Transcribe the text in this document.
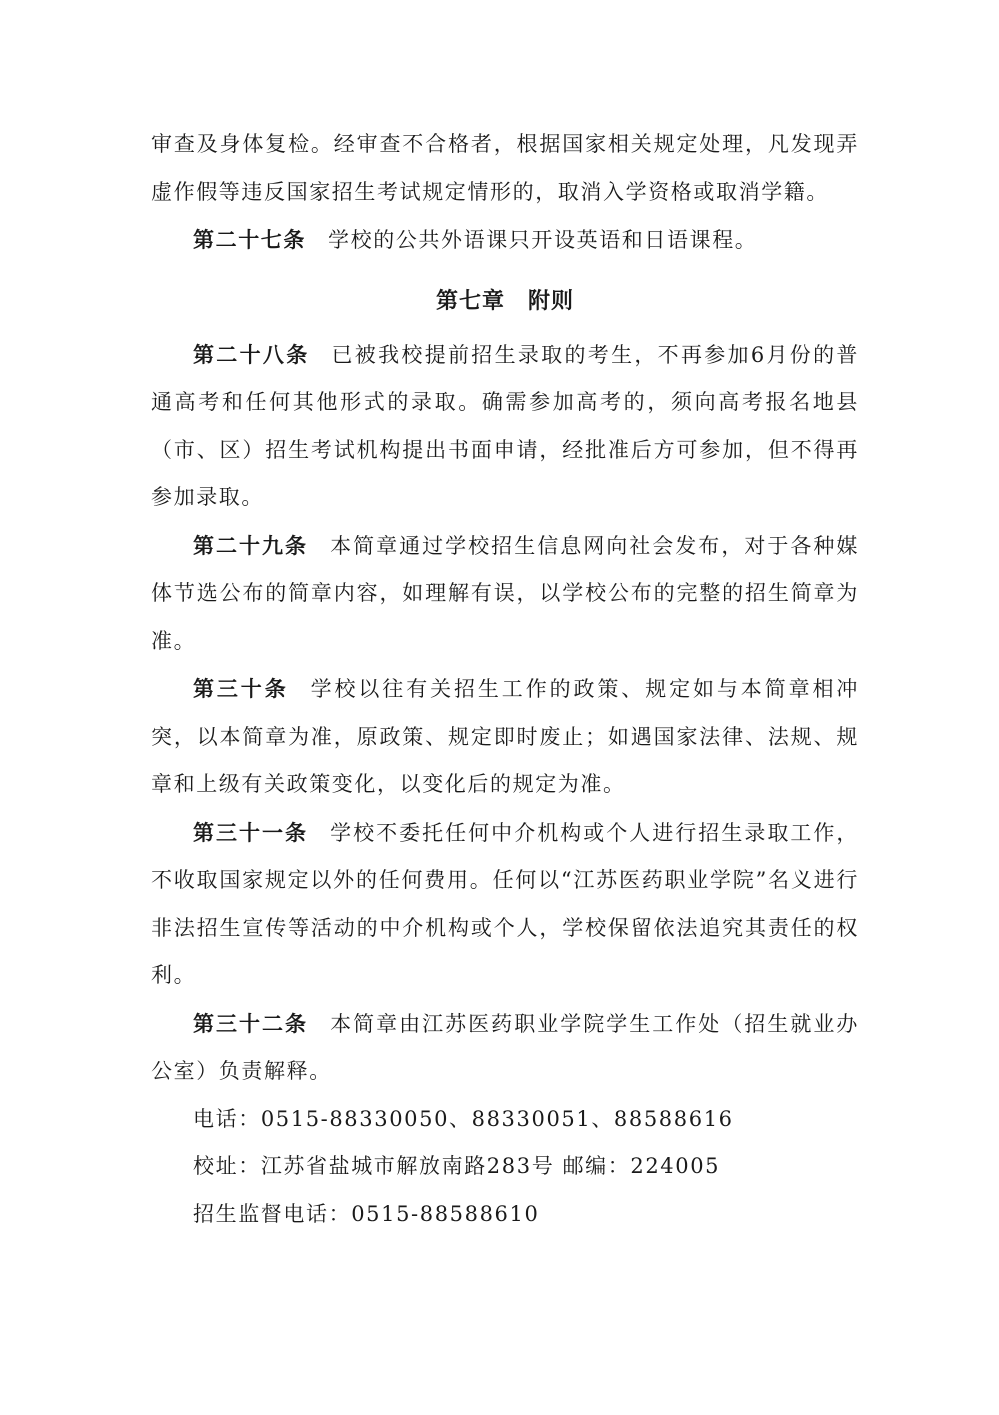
审查及身体复检。经审查不合格者，根据国家相关规定处理，凡发现弄虚作假等违反国家招生考试规定情形的，取消入学资格或取消学籍。

第二十七条 学校的公共外语课只开设英语和日语课程。

第七章　附则

第二十八条 已被我校提前招生录取的考生，不再参加6月份的普通高考和任何其他形式的录取。确需参加高考的，须向高考报名地县（市、区）招生考试机构提出书面申请，经批准后方可参加，但不得再参加录取。

第二十九条 本简章通过学校招生信息网向社会发布，对于各种媒体节选公布的简章内容，如理解有误，以学校公布的完整的招生简章为准。

第三十条 学校以往有关招生工作的政策、规定如与本简章相冲突，以本简章为准，原政策、规定即时废止；如遇国家法律、法规、规章和上级有关政策变化，以变化后的规定为准。

第三十一条 学校不委托任何中介机构或个人进行招生录取工作，不收取国家规定以外的任何费用。任何以“江苏医药职业学院”名义进行非法招生宣传等活动的中介机构或个人，学校保留依法追究其责任的权利。

第三十二条 本简章由江苏医药职业学院学生工作处（招生就业办公室）负责解释。

电话：0515-88330050、88330051、88588616

校址：江苏省盐城市解放南路283号 邮编：224005

招生监督电话：0515-88588610
